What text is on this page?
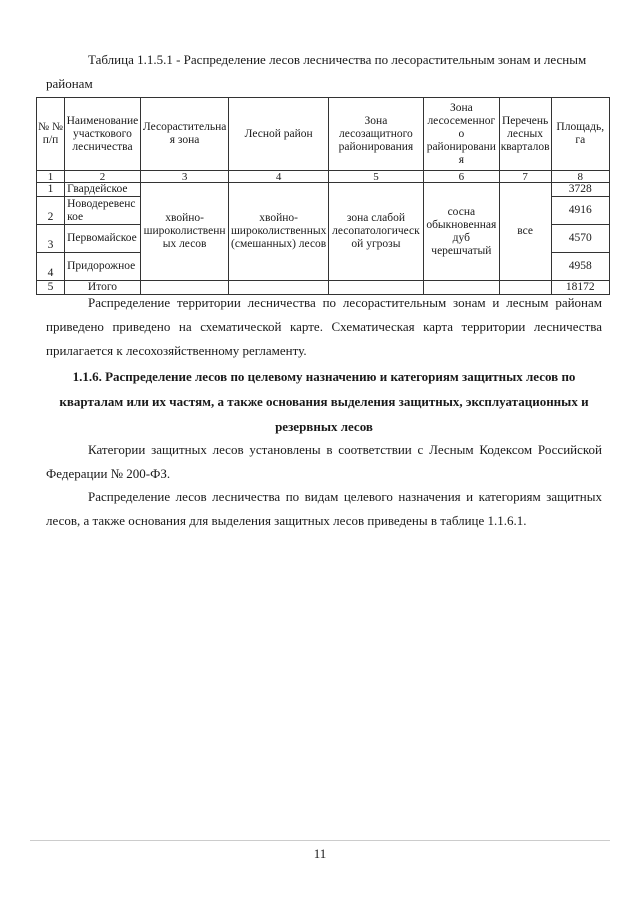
Таблица 1.1.5.1 - Распределение лесов лесничества по лесорастительным зонам и лесным
районам
№ № п/п	Наименование участкового лесничества	Лесорастительная зона	Лесной район	Зона лесозащитного районирования	Зона лесосеменного районирования	Перечень лесных кварталов	Площадь, га
1	2	3	4	5	6	7	8
1	Гвардейское	хвойно-широколиственных лесов	хвойно-широколиственных (смешанных) лесов	зона слабой лесопатологической угрозы	сосна обыкновенная дуб черешчатый	все	3728
2	Новодеревенское						4916
3	Первомайское						4570
4	Придорожное						4958
5	Итого						18172
Распределение территории лесничества по лесорастительным зонам и лесным районам приведено приведено на схематической карте. Схематическая карта территории лесничества прилагается к лесохозяйственному регламенту.
1.1.6. Распределение лесов по целевому назначению и категориям защитных лесов по кварталам или их частям, а также основания выделения защитных, эксплуатационных и резервных лесов
Категории защитных лесов установлены в соответствии с Лесным Кодексом Российской Федерации № 200-ФЗ.
Распределение лесов лесничества по видам целевого назначения и категориям защитных лесов, а также основания для выделения защитных лесов приведены в таблице 1.1.6.1.
11
